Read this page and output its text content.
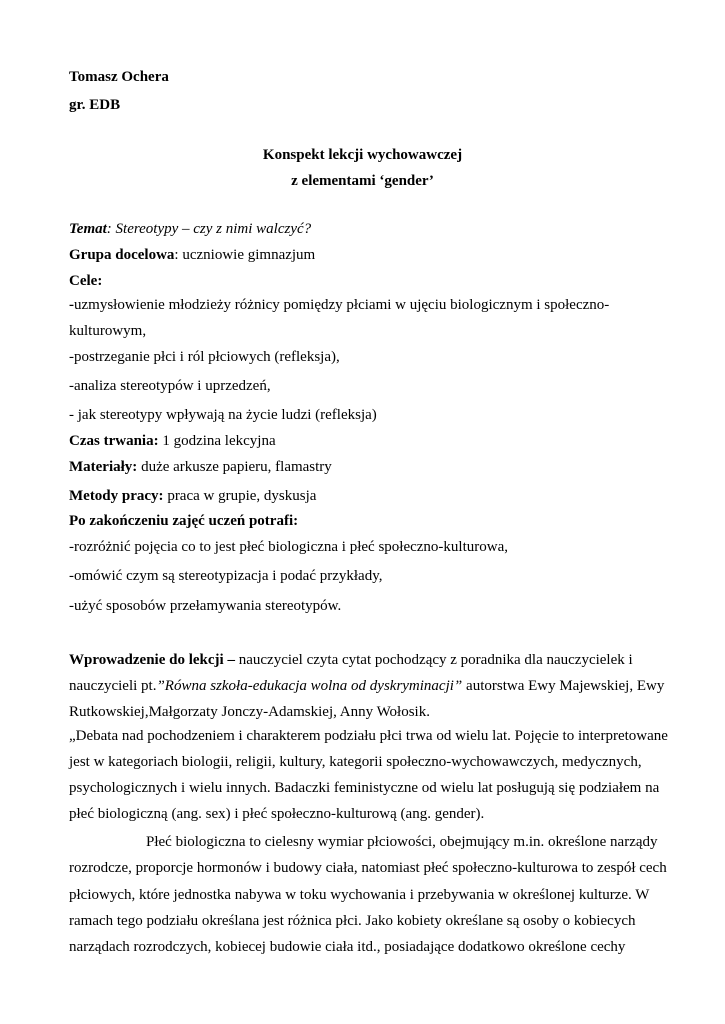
Tomasz Ochera
gr. EDB
Konspekt lekcji wychowawczej
z elementami ‘gender’
Temat: Stereotypy – czy z nimi walczyć?
Grupa docelowa: uczniowie gimnazjum
Cele:
-uzmysłowienie młodzieży różnicy pomiędzy płciami w ujęciu biologicznym i społeczno-
kulturowym,
-postrzeganie płci i ról płciowych (refleksja),
-analiza stereotypów i uprzedzeń,
- jak stereotypy wpływają na życie ludzi (refleksja)
Czas trwania: 1 godzina lekcyjna
Materiały: duże arkusze papieru, flamastry
Metody pracy: praca w grupie, dyskusja
Po zakończeniu zajęć uczeń potrafi:
-rozróżnić pojęcia co to jest płeć biologiczna i płeć społeczno-kulturowa,
-omówić czym są stereotypizacja i podać przykłady,
-użyć sposobów przełamywania stereotypów.
Wprowadzenie do lekcji – nauczyciel czyta cytat pochodzący z poradnika dla nauczycielek i
nauczycieli pt.”Równa szkoła-edukacja wolna od dyskryminacji” autorstwa Ewy Majewskiej, Ewy
Rutkowskiej,Małgorzaty Jonczy-Adamskiej, Anny Wołosik.
„Debata nad pochodzeniem i charakterem podziału płci trwa od wielu lat. Pojęcie to interpretowane
jest w kategoriach biologii, religii, kultury, kategorii społeczno-wychowawczych, medycznych,
psychologicznych i wielu innych. Badaczki feministyczne od wielu lat posługują się podziałem na
płeć biologiczną (ang. sex) i płeć społeczno-kulturową (ang. gender).
Płeć biologiczna to cielesny wymiar płciowości, obejmujący m.in. określone narządy
rozrodcze, proporcje hormonów i budowy ciała, natomiast płeć społeczno-kulturowa to zespół cech
płciowych, które jednostka nabywa w toku wychowania i przebywania w określonej kulturze. W
ramach tego podziału określana jest różnica płci. Jako kobiety określane są osoby o kobiecych
narządach rozrodczych, kobiecej budowie ciała itd., posiadające dodatkowo określone cechy
